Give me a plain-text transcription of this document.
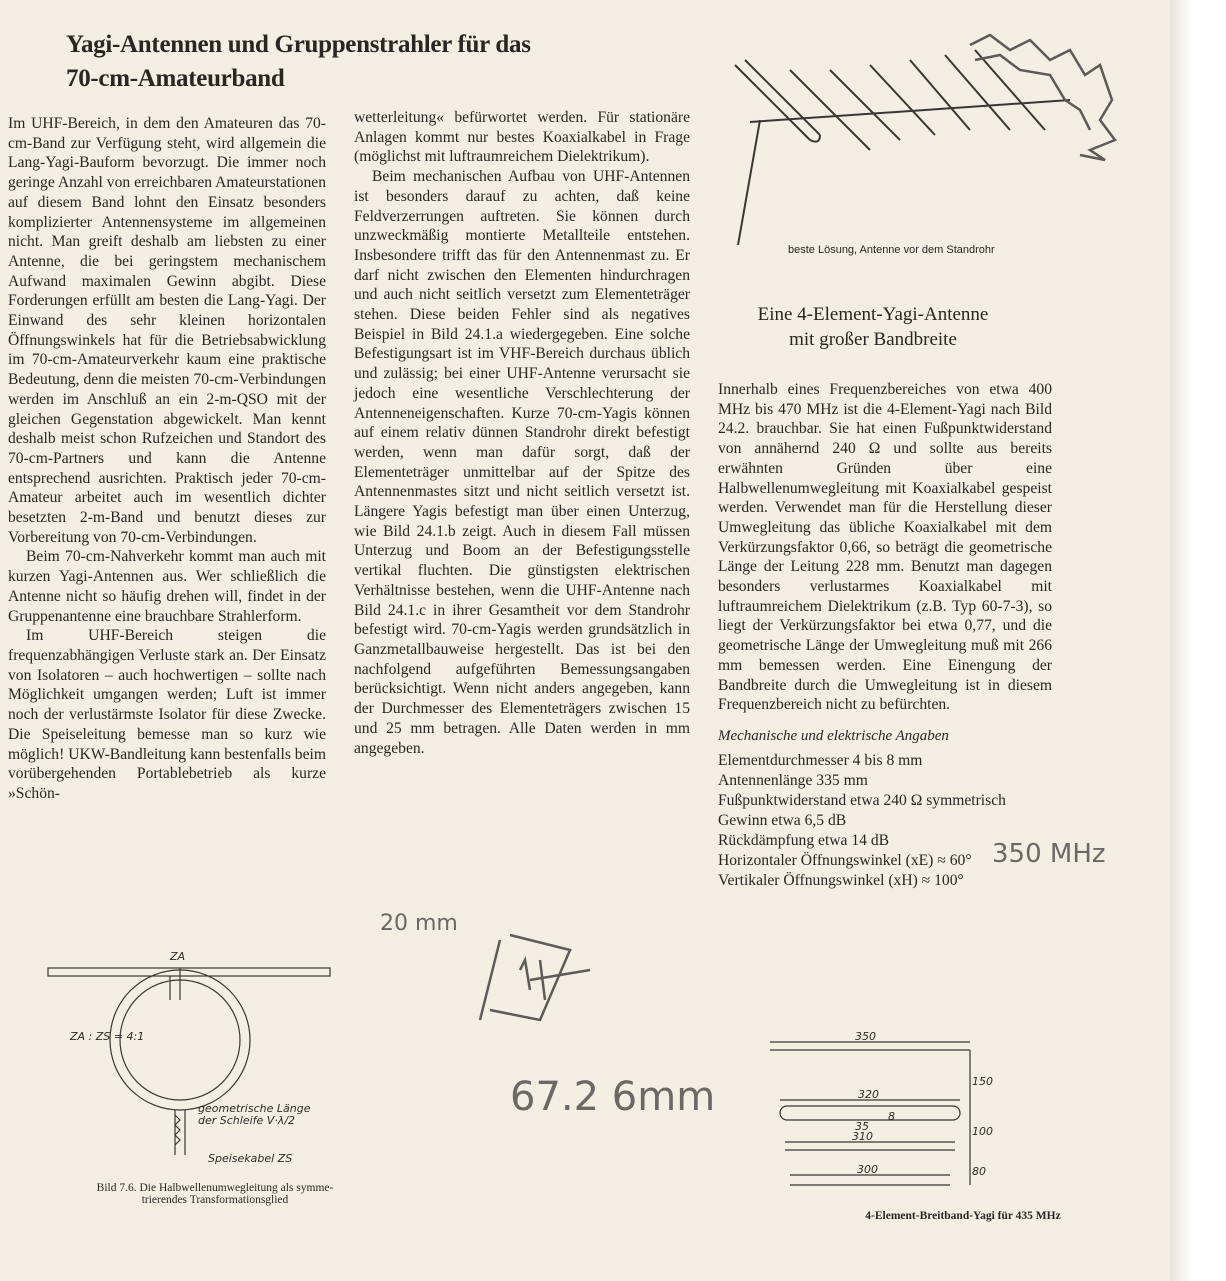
Yagi-Antennen und Gruppenstrahler für das
70-cm-Amateurband

Im UHF-Bereich, in dem den Amateuren das 70-cm-Band zur Verfügung steht, wird allgemein die Lang-Yagi-Bauform bevorzugt. Die immer noch geringe Anzahl von erreichbaren Amateurstationen auf diesem Band lohnt den Einsatz besonders komplizierter Antennensysteme im allgemeinen nicht. Man greift deshalb am liebsten zu einer Antenne, die bei geringstem mechanischem Aufwand maximalen Gewinn abgibt. Diese Forderungen erfüllt am besten die Lang-Yagi. Der Einwand des sehr kleinen horizontalen Öffnungswinkels hat für die Betriebsabwicklung im 70-cm-Amateurverkehr kaum eine praktische Bedeutung, denn die meisten 70-cm-Verbindungen werden im Anschluß an ein 2-m-QSO mit der gleichen Gegenstation abgewickelt. Man kennt deshalb meist schon Rufzeichen und Standort des 70-cm-Partners und kann die Antenne entsprechend ausrichten. Praktisch jeder 70-cm-Amateur arbeitet auch im wesentlich dichter besetzten 2-m-Band und benutzt dieses zur Vorbereitung von 70-cm-Verbindungen.

Beim 70-cm-Nahverkehr kommt man auch mit kurzen Yagi-Antennen aus. Wer schließlich die Antenne nicht so häufig drehen will, findet in der Gruppenantenne eine brauchbare Strahlerform.

Im UHF-Bereich steigen die frequenzabhängigen Verluste stark an. Der Einsatz von Isolatoren – auch hochwertigen – sollte nach Möglichkeit umgangen werden; Luft ist immer noch der verlustärmste Isolator für diese Zwecke. Die Speiseleitung bemesse man so kurz wie möglich! UKW-Bandleitung kann bestenfalls beim vorübergehenden Portablebetrieb als kurze »Schön-

wetterleitung« befürwortet werden. Für stationäre Anlagen kommt nur bestes Koaxialkabel in Frage (möglichst mit luftraumreichem Dielektrikum).

Beim mechanischen Aufbau von UHF-Antennen ist besonders darauf zu achten, daß keine Feldverzerrungen auftreten. Sie können durch unzweckmäßig montierte Metallteile entstehen. Insbesondere trifft das für den Antennenmast zu. Er darf nicht zwischen den Elementen hindurchragen und auch nicht seitlich versetzt zum Elementeträger stehen. Diese beiden Fehler sind als negatives Beispiel in Bild 24.1.a wiedergegeben. Eine solche Befestigungsart ist im VHF-Bereich durchaus üblich und zulässig; bei einer UHF-Antenne verursacht sie jedoch eine wesentliche Verschlechterung der Antenneneigenschaften. Kurze 70-cm-Yagis können auf einem relativ dünnen Standrohr direkt befestigt werden, wenn man dafür sorgt, daß der Elementeträger unmittelbar auf der Spitze des Antennenmastes sitzt und nicht seitlich versetzt ist. Längere Yagis befestigt man über einen Unterzug, wie Bild 24.1.b zeigt. Auch in diesem Fall müssen Unterzug und Boom an der Befestigungsstelle vertikal fluchten. Die günstigsten elektrischen Verhältnisse bestehen, wenn die UHF-Antenne nach Bild 24.1.c in ihrer Gesamtheit vor dem Standrohr befestigt wird. 70-cm-Yagis werden grundsätzlich in Ganzmetallbauweise hergestellt. Das ist bei den nachfolgend aufgeführten Bemessungsangaben berücksichtigt. Wenn nicht anders angegeben, kann der Durchmesser des Elementeträgers zwischen 15 und 25 mm betragen. Alle Daten werden in mm angegeben.

beste Lösung, Antenne vor dem Standrohr
Eine 4-Element-Yagi-Antenne
mit großer Bandbreite

Innerhalb eines Frequenzbereiches von etwa 400 MHz bis 470 MHz ist die 4-Element-Yagi nach Bild 24.2. brauchbar. Sie hat einen Fußpunktwiderstand von annähernd 240 Ω und sollte aus bereits erwähnten Gründen über eine Halbwellenumwegleitung mit Koaxialkabel gespeist werden. Verwendet man für die Herstellung dieser Umwegleitung das übliche Koaxialkabel mit dem Verkürzungsfaktor 0,66, so beträgt die geometrische Länge der Leitung 228 mm. Benutzt man dagegen besonders verlustarmes Koaxialkabel mit luftraumreichem Dielektrikum (z.B. Typ 60-7-3), so liegt der Verkürzungsfaktor bei etwa 0,77, und die geometrische Länge der Umwegleitung muß mit 266 mm bemessen werden. Eine Einengung der Bandbreite durch die Umwegleitung ist in diesem Frequenzbereich nicht zu befürchten.

Mechanische und elektrische Angaben
Elementdurchmesser 4 bis 8 mm
Antennenlänge 335 mm
Fußpunktwiderstand etwa 240 Ω symmetrisch
Gewinn etwa 6,5 dB
Rückdämpfung etwa 14 dB
Horizontaler Öffnungswinkel (xE) ≈ 60°
Vertikaler Öffnungswinkel (xH) ≈ 100°
ZA
ZA : ZS = 4:1
geometrische Länge
der Schleife V·λ/2
Speisekabel ZS
Bild 7.6. Die Halbwellenumwegleitung als symme-
trierendes Transformationsglied
350
320
8
35
310
300
150
100
80
4-Element-Breitband-Yagi für 435 MHz
350 MHz
20 mm
67.2 6mm
